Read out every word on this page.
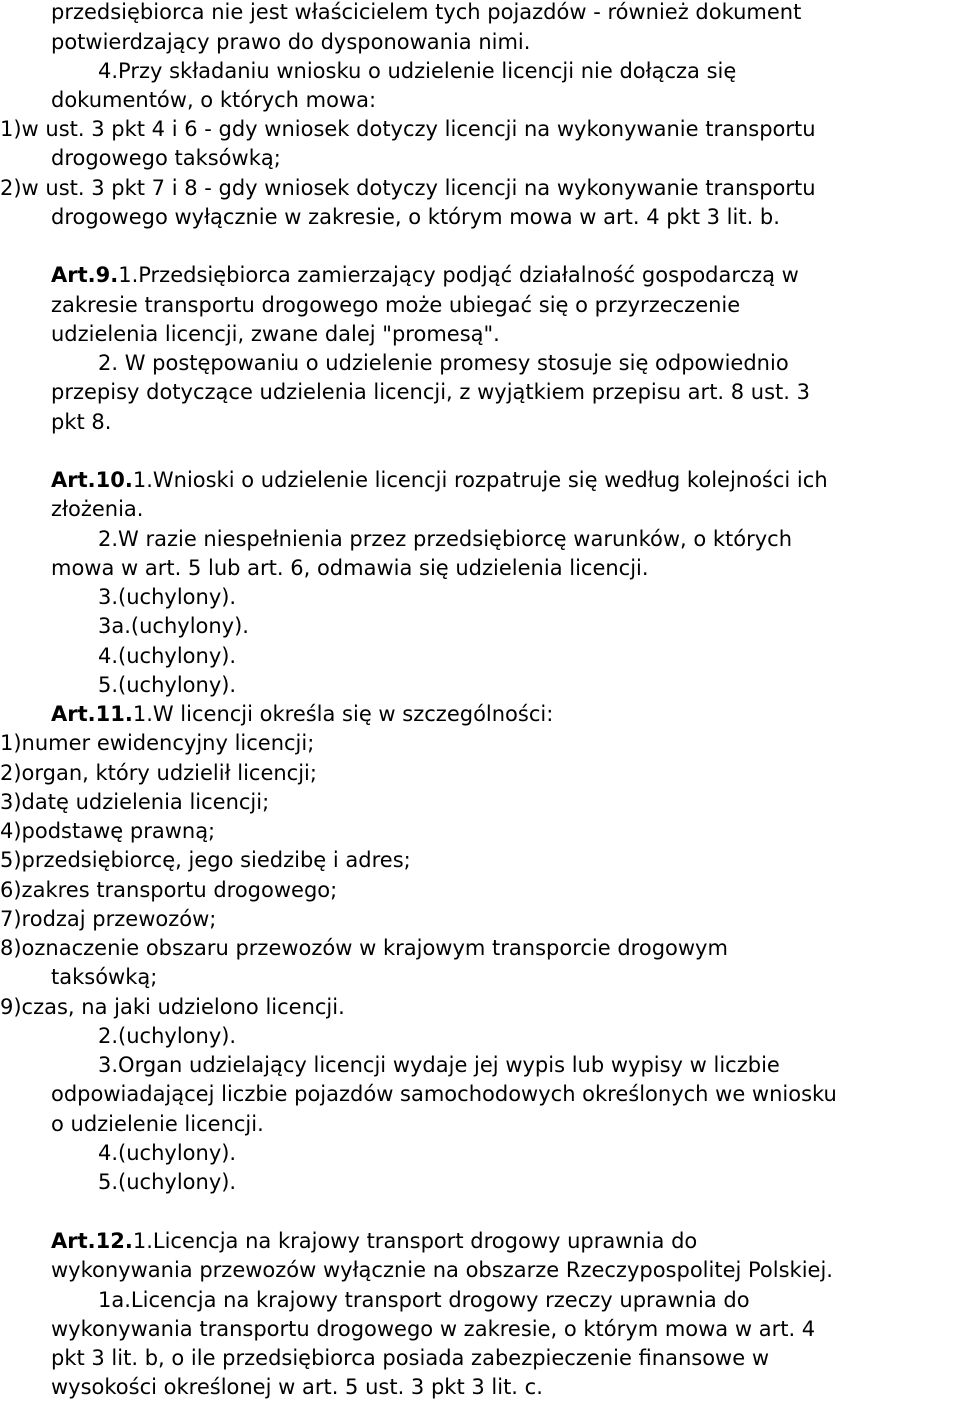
przedsiębiorca nie jest właścicielem tych pojazdów - również dokument
potwierdzający prawo do dysponowania nimi.
4.Przy składaniu wniosku o udzielenie licencji nie dołącza się
dokumentów, o których mowa:
1)w ust. 3 pkt 4 i 6 - gdy wniosek dotyczy licencji na wykonywanie transportu
drogowego taksówką;
2)w ust. 3 pkt 7 i 8 - gdy wniosek dotyczy licencji na wykonywanie transportu
drogowego wyłącznie w zakresie, o którym mowa w art. 4 pkt 3 lit. b.
Art.9.1.Przedsiębiorca zamierzający podjąć działalność gospodarczą w
zakresie transportu drogowego może ubiegać się o przyrzeczenie
udzielenia licencji, zwane dalej "promesą".
2. W postępowaniu o udzielenie promesy stosuje się odpowiednio
przepisy dotyczące udzielenia licencji, z wyjątkiem przepisu art. 8 ust. 3
pkt 8.
Art.10.1.Wnioski o udzielenie licencji rozpatruje się według kolejności ich
złożenia.
2.W razie niespełnienia przez przedsiębiorcę warunków, o których
mowa w art. 5 lub art. 6, odmawia się udzielenia licencji.
3.(uchylony).
3a.(uchylony).
4.(uchylony).
5.(uchylony).
Art.11.1.W licencji określa się w szczególności:
1)numer ewidencyjny licencji;
2)organ, który udzielił licencji;
3)datę udzielenia licencji;
4)podstawę prawną;
5)przedsiębiorcę, jego siedzibę i adres;
6)zakres transportu drogowego;
7)rodzaj przewozów;
8)oznaczenie obszaru przewozów w krajowym transporcie drogowym
taksówką;
9)czas, na jaki udzielono licencji.
2.(uchylony).
3.Organ udzielający licencji wydaje jej wypis lub wypisy w liczbie
odpowiadającej liczbie pojazdów samochodowych określonych we wniosku
o udzielenie licencji.
4.(uchylony).
5.(uchylony).
Art.12.1.Licencja na krajowy transport drogowy uprawnia do
wykonywania przewozów wyłącznie na obszarze Rzeczypospolitej Polskiej.
1a.Licencja na krajowy transport drogowy rzeczy uprawnia do
wykonywania transportu drogowego w zakresie, o którym mowa w art. 4
pkt 3 lit. b, o ile przedsiębiorca posiada zabezpieczenie finansowe w
wysokości określonej w art. 5 ust. 3 pkt 3 lit. c.
